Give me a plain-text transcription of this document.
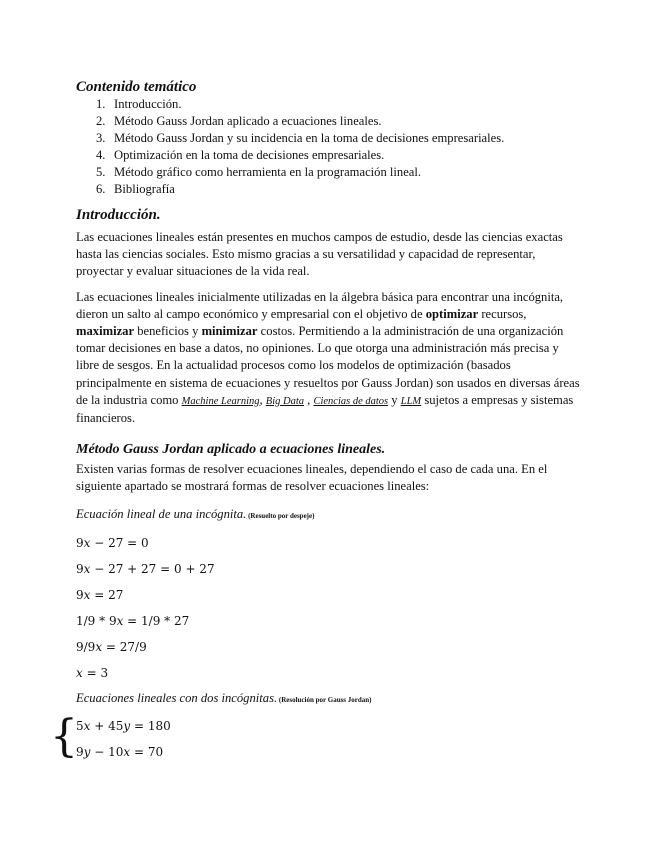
Contenido temático
1. Introducción.
2. Método Gauss Jordan aplicado a ecuaciones lineales.
3. Método Gauss Jordan y su incidencia en la toma de decisiones empresariales.
4. Optimización en la toma de decisiones empresariales.
5. Método gráfico como herramienta en la programación lineal.
6. Bibliografía
Introducción.

Las ecuaciones lineales están presentes en muchos campos de estudio, desde las ciencias exactas hasta las ciencias sociales. Esto mismo gracias a su versatilidad y capacidad de representar, proyectar y evaluar situaciones de la vida real.

Las ecuaciones lineales inicialmente utilizadas en la álgebra básica para encontrar una incógnita, dieron un salto al campo económico y empresarial con el objetivo de optimizar recursos, maximizar beneficios y minimizar costos. Permitiendo a la administración de una organización tomar decisiones en base a datos, no opiniones. Lo que otorga una administración más precisa y libre de sesgos. En la actualidad procesos como los modelos de optimización (basados principalmente en sistema de ecuaciones y resueltos por Gauss Jordan) son usados en diversas áreas de la industria como Machine Learning, Big Data , Ciencias de datos y LLM sujetos a empresas y sistemas financieros.

Método Gauss Jordan aplicado a ecuaciones lineales.

Existen varias formas de resolver ecuaciones lineales, dependiendo el caso de cada una. En el siguiente apartado se mostrará formas de resolver ecuaciones lineales:

Ecuación lineal de una incógnita. (Resuelto por despeje)
9𝑥 − 27 = 0
9𝑥 − 27 + 27 = 0 + 27
9𝑥 = 27
1/9 * 9𝑥 = 1/9 * 27
9/9𝑥 = 27/9
𝑥 = 3
Ecuaciones lineales con dos incógnitas. (Resolución por Gauss Jordan)
{
5𝑥 + 45𝑦 = 180
9𝑦 − 10𝑥 = 70
